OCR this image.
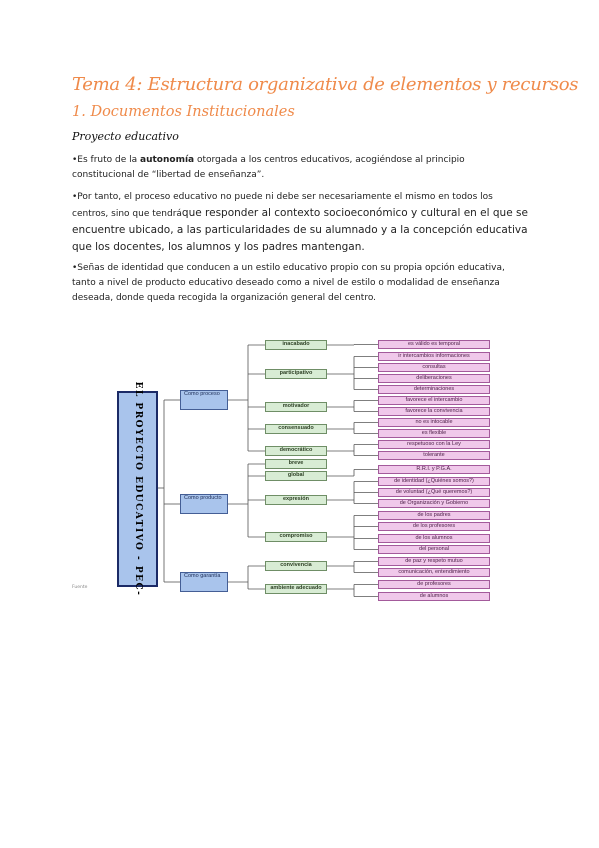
Tema 4: Estructura organizativa de elementos y recursos
1. Documentos Institucionales
Proyecto educativo
•Es fruto de la autonomía otorgada a los centros educativos, acogiéndose al principio constitucional de “libertad de enseñanza”.
•Por tanto, el proceso educativo no puede ni debe ser necesariamente el mismo en todos los centros, sino que tendráque responder al contexto socioeconómico y cultural en el que se encuentre ubicado, a las particularidades de su alumnado y a la concepción educativa que los docentes, los alumnos y los padres mantengan.
•Señas de identidad que conducen a un estilo educativo propio con su propia opción educativa, tanto a nivel de producto educativo deseado como a nivel de estilo o modalidad de enseñanza deseada, donde queda recogida la organización general del centro.
EL PROYECTO EDUCATIVO - PEC-	Como proceso
Como producto
Como garantía
inacabado
participativo
motivador
consensuado
democrático
breve
global
expresión
compromiso
convivencia
ambiente adecuado
es válido es temporal
ir intercambios informaciones
consultas
deliberaciones
determinaciones
favorece el intercambio
favorece la convivencia
no es intocable
es flexible
respetuoso con la Ley
tolerante
R.R.I. y P.G.A.
de identidad (¿Quiénes somos?)
de voluntad (¿Qué queremos?)
de Organización y Gobierno
de los padres
de los profesores
de los alumnos
del personal
de paz y respeto mutuo
comunicación, entendimiento
de profesores
de alumnos
Fuente
